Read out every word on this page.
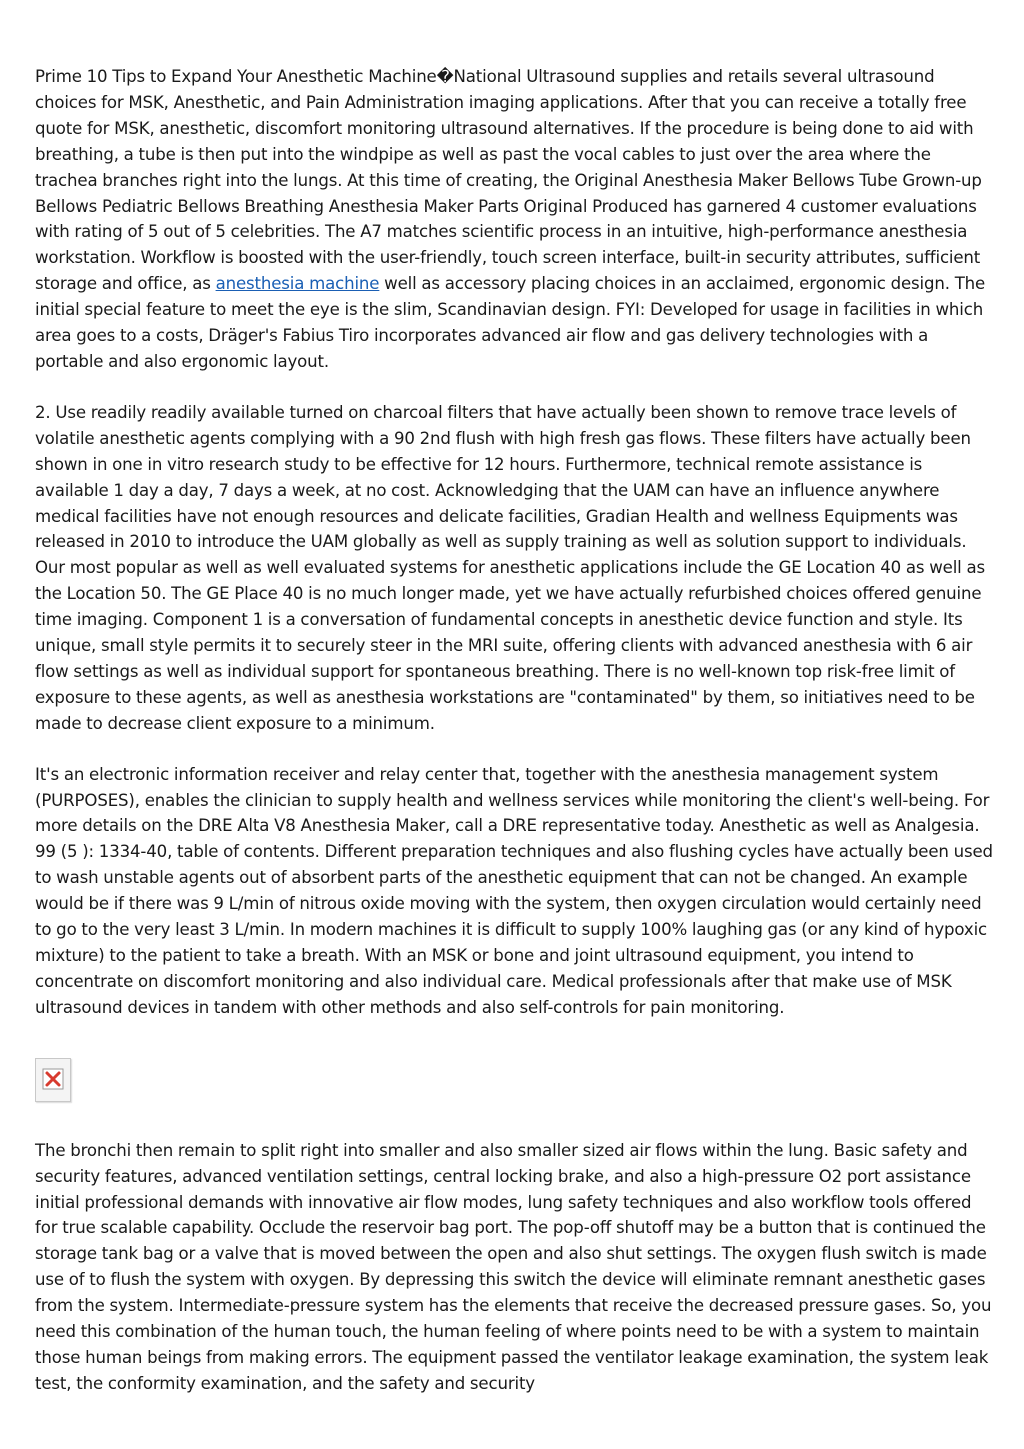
Prime 10 Tips to Expand Your Anesthetic Machine�National Ultrasound supplies and retails several ultrasound choices for MSK, Anesthetic, and Pain Administration imaging applications. After that you can receive a totally free quote for MSK, anesthetic, discomfort monitoring ultrasound alternatives. If the procedure is being done to aid with breathing, a tube is then put into the windpipe as well as past the vocal cables to just over the area where the trachea branches right into the lungs. At this time of creating, the Original Anesthesia Maker Bellows Tube Grown-up Bellows Pediatric Bellows Breathing Anesthesia Maker Parts Original Produced has garnered 4 customer evaluations with rating of 5 out of 5 celebrities. The A7 matches scientific process in an intuitive, high-performance anesthesia workstation. Workflow is boosted with the user-friendly, touch screen interface, built-in security attributes, sufficient storage and office, as anesthesia machine well as accessory placing choices in an acclaimed, ergonomic design. The initial special feature to meet the eye is the slim, Scandinavian design. FYI: Developed for usage in facilities in which area goes to a costs, Dräger's Fabius Tiro incorporates advanced air flow and gas delivery technologies with a portable and also ergonomic layout.

2. Use readily readily available turned on charcoal filters that have actually been shown to remove trace levels of volatile anesthetic agents complying with a 90 2nd flush with high fresh gas flows. These filters have actually been shown in one in vitro research study to be effective for 12 hours. Furthermore, technical remote assistance is available 1 day a day, 7 days a week, at no cost. Acknowledging that the UAM can have an influence anywhere medical facilities have not enough resources and delicate facilities, Gradian Health and wellness Equipments was released in 2010 to introduce the UAM globally as well as supply training as well as solution support to individuals. Our most popular as well as well evaluated systems for anesthetic applications include the GE Location 40 as well as the Location 50. The GE Place 40 is no much longer made, yet we have actually refurbished choices offered genuine time imaging. Component 1 is a conversation of fundamental concepts in anesthetic device function and style. Its unique, small style permits it to securely steer in the MRI suite, offering clients with advanced anesthesia with 6 air flow settings as well as individual support for spontaneous breathing. There is no well-known top risk-free limit of exposure to these agents, as well as anesthesia workstations are "contaminated" by them, so initiatives need to be made to decrease client exposure to a minimum.

It's an electronic information receiver and relay center that, together with the anesthesia management system (PURPOSES), enables the clinician to supply health and wellness services while monitoring the client's well-being. For more details on the DRE Alta V8 Anesthesia Maker, call a DRE representative today. Anesthetic as well as Analgesia. 99 (5 ): 1334-40, table of contents. Different preparation techniques and also flushing cycles have actually been used to wash unstable agents out of absorbent parts of the anesthetic equipment that can not be changed. An example would be if there was 9 L/min of nitrous oxide moving with the system, then oxygen circulation would certainly need to go to the very least 3 L/min. In modern machines it is difficult to supply 100% laughing gas (or any kind of hypoxic mixture) to the patient to take a breath. With an MSK or bone and joint ultrasound equipment, you intend to concentrate on discomfort monitoring and also individual care. Medical professionals after that make use of MSK ultrasound devices in tandem with other methods and also self-controls for pain monitoring.

The bronchi then remain to split right into smaller and also smaller sized air flows within the lung. Basic safety and security features, advanced ventilation settings, central locking brake, and also a high-pressure O2 port assistance initial professional demands with innovative air flow modes, lung safety techniques and also workflow tools offered for true scalable capability. Occlude the reservoir bag port. The pop-off shutoff may be a button that is continued the storage tank bag or a valve that is moved between the open and also shut settings. The oxygen flush switch is made use of to flush the system with oxygen. By depressing this switch the device will eliminate remnant anesthetic gases from the system. Intermediate-pressure system has the elements that receive the decreased pressure gases. So, you need this combination of the human touch, the human feeling of where points need to be with a system to maintain those human beings from making errors. The equipment passed the ventilator leakage examination, the system leak test, the conformity examination, and the safety and security
